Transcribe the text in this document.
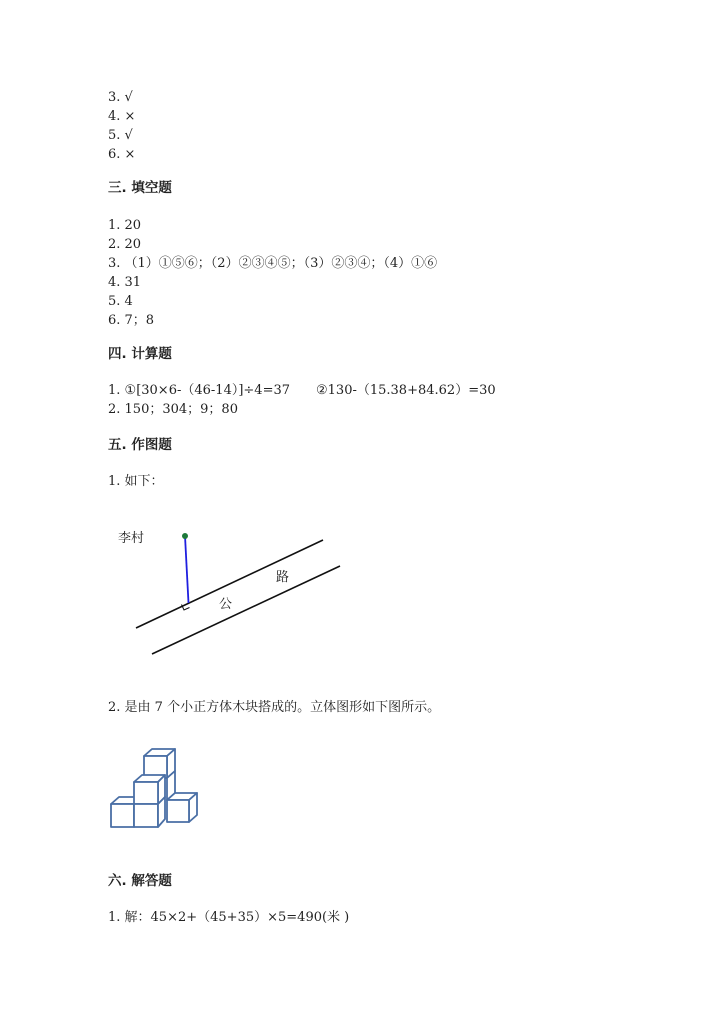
3. √
4. ×
5. √
6. ×
三. 填空题
1. 20
2. 20
3. （1）①⑤⑥；（2）②③④⑤；（3）②③④；（4）①⑥
4. 31
5. 4
6. 7；8
四. 计算题
1. ①[30×6-（46-14）]÷4=37　　②130-（15.38+84.62）=30
2. 150；304；9；80
五. 作图题
1. 如下：
李村
公
路
2. 是由 7 个小正方体木块搭成的。立体图形如下图所示。
六. 解答题
1. 解：45×2+（45+35）×5=490(米 )
